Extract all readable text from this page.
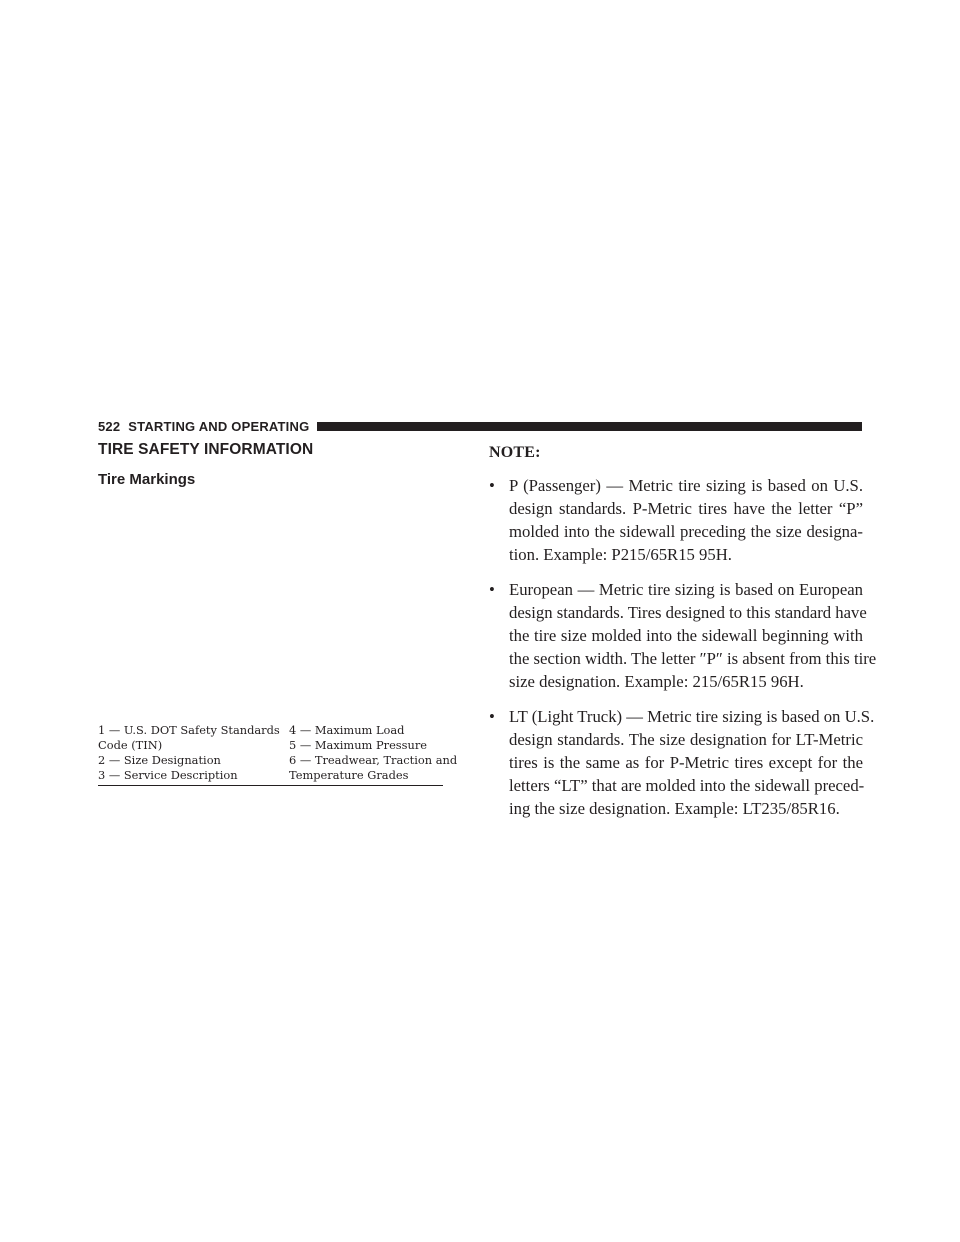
522 STARTING AND OPERATING
TIRE SAFETY INFORMATION
Tire Markings
1 — U.S. DOT Safety Standards
Code (TIN)
2 — Size Designation
3 — Service Description
4 — Maximum Load
5 — Maximum Pressure
6 — Treadwear, Traction and
Temperature Grades
NOTE:
• P (Passenger) — Metric tire sizing is based on U.S.
design standards. P-Metric tires have the letter “P”
molded into the sidewall preceding the size designa-
tion. Example: P215/65R15 95H.
• European — Metric tire sizing is based on European
design standards. Tires designed to this standard have
the tire size molded into the sidewall beginning with
the section width. The letter ″P″ is absent from this tire
size designation. Example: 215/65R15 96H.
• LT (Light Truck) — Metric tire sizing is based on U.S.
design standards. The size designation for LT-Metric
tires is the same as for P-Metric tires except for the
letters “LT” that are molded into the sidewall preced-
ing the size designation. Example: LT235/85R16.
